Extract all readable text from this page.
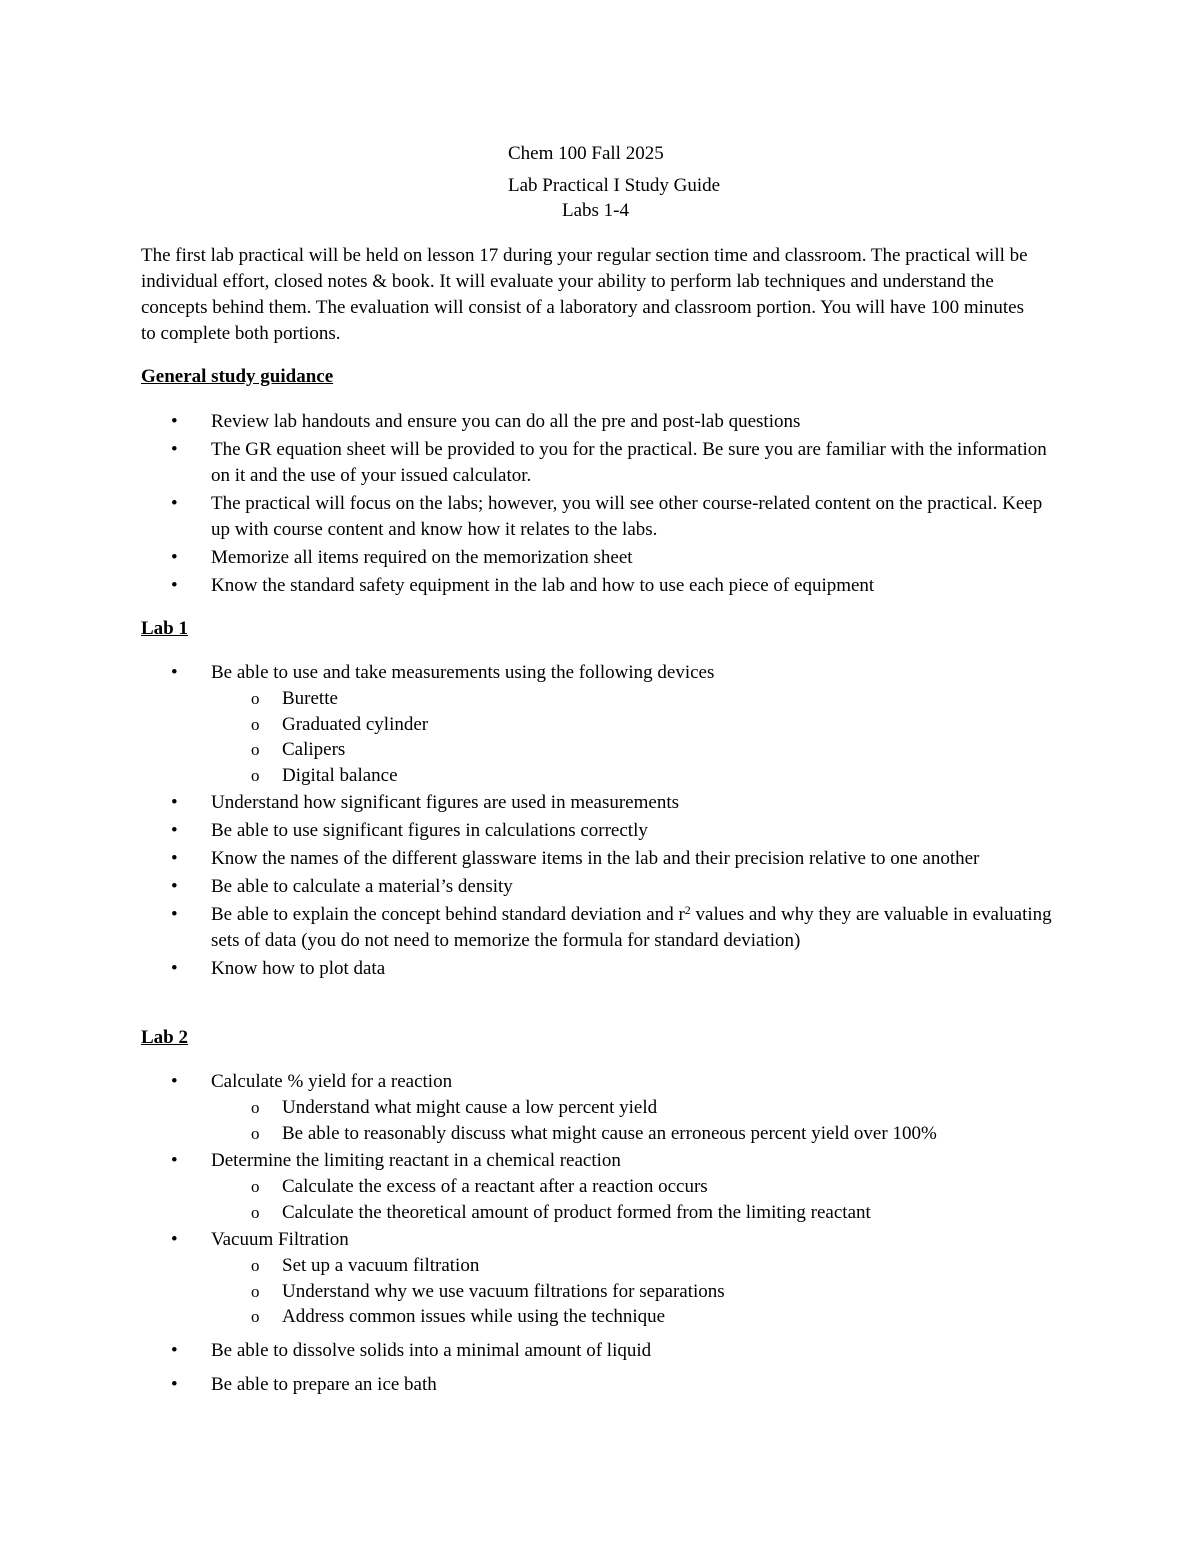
Chem 100 Fall 2025
Lab Practical I Study Guide
Labs 1-4

The first lab practical will be held on lesson 17 during your regular section time and classroom. The practical will be individual effort, closed notes & book. It will evaluate your ability to perform lab techniques and understand the concepts behind them. The evaluation will consist of a laboratory and classroom portion. You will have 100 minutes to complete both portions.

General study guidance

• Review lab handouts and ensure you can do all the pre and post-lab questions
• The GR equation sheet will be provided to you for the practical. Be sure you are familiar with the information on it and the use of your issued calculator.
• The practical will focus on the labs; however, you will see other course-related content on the practical. Keep up with course content and know how it relates to the labs.
• Memorize all items required on the memorization sheet
• Know the standard safety equipment in the lab and how to use each piece of equipment

Lab 1

• Be able to use and take measurements using the following devices
o Burette
o Graduated cylinder
o Calipers
o Digital balance
• Understand how significant figures are used in measurements
• Be able to use significant figures in calculations correctly
• Know the names of the different glassware items in the lab and their precision relative to one another
• Be able to calculate a material’s density
• Be able to explain the concept behind standard deviation and $r^2$ values and why they are valuable in evaluating sets of data (you do not need to memorize the formula for standard deviation)
• Know how to plot data

Lab 2

• Calculate % yield for a reaction
o Understand what might cause a low percent yield
o Be able to reasonably discuss what might cause an erroneous percent yield over 100%
• Determine the limiting reactant in a chemical reaction
o Calculate the excess of a reactant after a reaction occurs
o Calculate the theoretical amount of product formed from the limiting reactant
• Vacuum Filtration
o Set up a vacuum filtration
o Understand why we use vacuum filtrations for separations
o Address common issues while using the technique
• Be able to dissolve solids into a minimal amount of liquid
• Be able to prepare an ice bath
